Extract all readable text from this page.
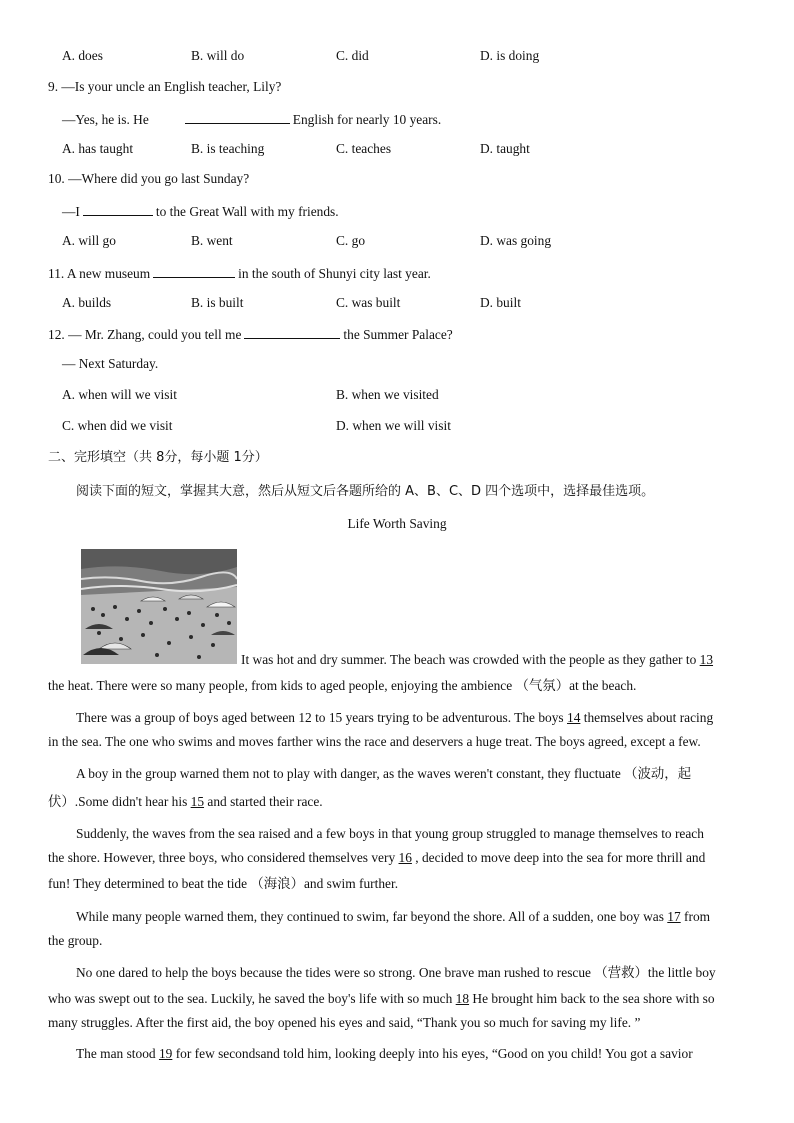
A. does	B. will do	C. did	D. is doing
9. —Is your uncle an English teacher, Lily?
—Yes, he is. He	English for nearly 10 years.
A. has taught	B. is teaching	C. teaches	D. taught
10. —Where did you go last Sunday?
—I	to the Great Wall with my friends.
A. will go	B. went	C. go	D. was going
11. A new museum	in the south of Shunyi city last year.
A. builds	B. is built	C. was built	D. built
12. — Mr. Zhang, could you tell me	the Summer Palace?
— Next Saturday.
A. when will we visit	B. when we visited
C. when did we visit	D. when we will visit
二、完形填空（共 8分，每小题 1分）
阅读下面的短文，掌握其大意，然后从短文后各题所给的 A、B、C、D 四个选项中，选择最佳选项。
Life Worth Saving
It was hot and dry summer. The beach was crowded with the people as they gather to 13
the heat. There were so many people, from kids to aged people, enjoying the ambience （气氛）at the beach.
There was a group of boys aged between 12 to 15 years trying to be adventurous. The boys 14 themselves about racing
in the sea. The one who swims and moves farther wins the race and deservers a huge treat. The boys agreed, except a few.
A boy in the group warned them not to play with danger, as the waves weren't constant, they fluctuate （波动，起
伏）.Some didn't hear his 15 and started their race.
Suddenly, the waves from the sea raised and a few boys in that young group struggled to manage themselves to reach
the shore. However, three boys, who considered themselves very 16 , decided to move deep into the sea for more thrill and
fun! They determined to beat the tide （海浪）and swim further.
While many people warned them, they continued to swim, far beyond the shore. All of a sudden, one boy was 17 from
the group.
No one dared to help the boys because the tides were so strong. One brave man rushed to rescue （营救）the little boy
who was swept out to the sea. Luckily, he saved the boy's life with so much 18 He brought him back to the sea shore with so
many struggles. After the first aid, the boy opened his eyes and said, “Thank you so much for saving my life. ”
The man stood 19 for few secondsand told him, looking deeply into his eyes, “Good on you child! You got a savior
